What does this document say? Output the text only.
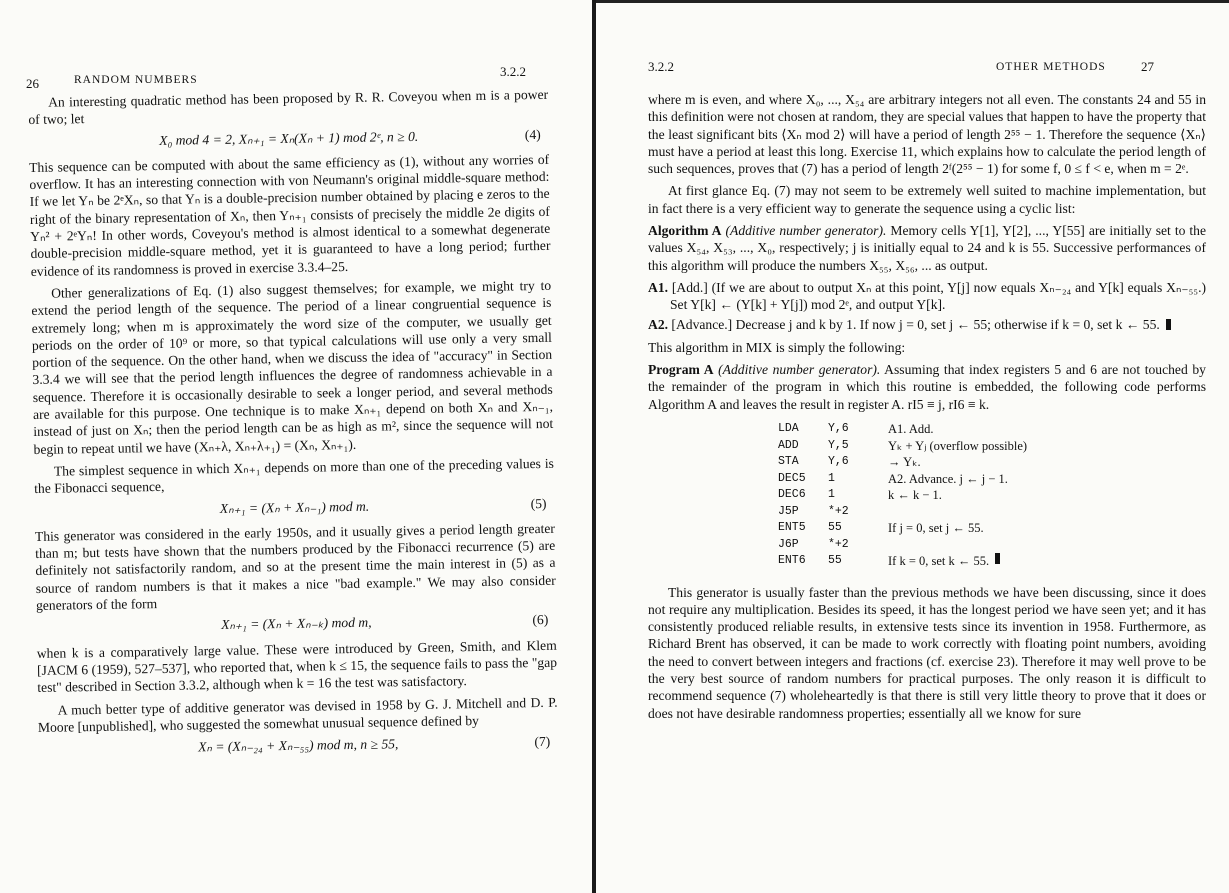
26	RANDOM NUMBERS
3.2.2

An interesting quadratic method has been proposed by R. R. Coveyou when m is a power of two; let

X₀ mod 4 = 2, Xₙ₊₁ = Xₙ(Xₙ + 1) mod 2ᵉ, n ≥ 0.	(4)

This sequence can be computed with about the same efficiency as (1), without any worries of overflow. It has an interesting connection with von Neumann's original middle-square method: If we let Yₙ be 2ᵉXₙ, so that Yₙ is a double-precision number obtained by placing e zeros to the right of the binary representation of Xₙ, then Yₙ₊₁ consists of precisely the middle 2e digits of Yₙ² + 2ᵉYₙ! In other words, Coveyou's method is almost identical to a somewhat degenerate double-precision middle-square method, yet it is guaranteed to have a long period; further evidence of its randomness is proved in exercise 3.3.4–25.

Other generalizations of Eq. (1) also suggest themselves; for example, we might try to extend the period length of the sequence. The period of a linear congruential sequence is extremely long; when m is approximately the word size of the computer, we usually get periods on the order of 10⁹ or more, so that typical calculations will use only a very small portion of the sequence. On the other hand, when we discuss the idea of "accuracy" in Section 3.3.4 we will see that the period length influences the degree of randomness achievable in a sequence. Therefore it is occasionally desirable to seek a longer period, and several methods are available for this purpose. One technique is to make Xₙ₊₁ depend on both Xₙ and Xₙ₋₁, instead of just on Xₙ; then the period length can be as high as m², since the sequence will not begin to repeat until we have (Xₙ₊λ, Xₙ₊λ₊₁) = (Xₙ, Xₙ₊₁).

The simplest sequence in which Xₙ₊₁ depends on more than one of the preceding values is the Fibonacci sequence,

Xₙ₊₁ = (Xₙ + Xₙ₋₁) mod m.	(5)

This generator was considered in the early 1950s, and it usually gives a period length greater than m; but tests have shown that the numbers produced by the Fibonacci recurrence (5) are definitely not satisfactorily random, and so at the present time the main interest in (5) as a source of random numbers is that it makes a nice "bad example." We may also consider generators of the form

Xₙ₊₁ = (Xₙ + Xₙ₋ₖ) mod m,	(6)

when k is a comparatively large value. These were introduced by Green, Smith, and Klem [JACM 6 (1959), 527–537], who reported that, when k ≤ 15, the sequence fails to pass the "gap test" described in Section 3.3.2, although when k = 16 the test was satisfactory.

A much better type of additive generator was devised in 1958 by G. J. Mitchell and D. P. Moore [unpublished], who suggested the somewhat unusual sequence defined by

Xₙ = (Xₙ₋₂₄ + Xₙ₋₅₅) mod m, n ≥ 55,	(7)
3.2.2	OTHER METHODS	27

where m is even, and where X₀, ..., X₅₄ are arbitrary integers not all even. The constants 24 and 55 in this definition were not chosen at random, they are special values that happen to have the property that the least significant bits ⟨Xₙ mod 2⟩ will have a period of length 2⁵⁵ − 1. Therefore the sequence ⟨Xₙ⟩ must have a period at least this long. Exercise 11, which explains how to calculate the period length of such sequences, proves that (7) has a period of length 2ᶠ(2⁵⁵ − 1) for some f, 0 ≤ f < e, when m = 2ᵉ.

At first glance Eq. (7) may not seem to be extremely well suited to machine implementation, but in fact there is a very efficient way to generate the sequence using a cyclic list:

Algorithm A (Additive number generator). Memory cells Y[1], Y[2], ..., Y[55] are initially set to the values X₅₄, X₅₃, ..., X₀, respectively; j is initially equal to 24 and k is 55. Successive performances of this algorithm will produce the numbers X₅₅, X₅₆, ... as output.

A1. [Add.] (If we are about to output Xₙ at this point, Y[j] now equals Xₙ₋₂₄ and Y[k] equals Xₙ₋₅₅.) Set Y[k] ← (Y[k] + Y[j]) mod 2ᵉ, and output Y[k].

A2. [Advance.] Decrease j and k by 1. If now j = 0, set j ← 55; otherwise if k = 0, set k ← 55.

This algorithm in MIX is simply the following:

Program A (Additive number generator). Assuming that index registers 5 and 6 are not touched by the remainder of the program in which this routine is embedded, the following code performs Algorithm A and leaves the result in register A. rI5 ≡ j, rI6 ≡ k.

LDA	Y,6	A1. Add.
ADD	Y,5	Yₖ + Yⱼ (overflow possible)
STA	Y,6	→ Yₖ.
DEC5	1	A2. Advance. j ← j − 1.
DEC6	1	k ← k − 1.
J5P	*+2
ENT5	55	If j = 0, set j ← 55.
J6P	*+2
ENT6	55	If k = 0, set k ← 55.

This generator is usually faster than the previous methods we have been discussing, since it does not require any multiplication. Besides its speed, it has the longest period we have seen yet; and it has consistently produced reliable results, in extensive tests since its invention in 1958. Furthermore, as Richard Brent has observed, it can be made to work correctly with floating point numbers, avoiding the need to convert between integers and fractions (cf. exercise 23). Therefore it may well prove to be the very best source of random numbers for practical purposes. The only reason it is difficult to recommend sequence (7) wholeheartedly is that there is still very little theory to prove that it does or does not have desirable randomness properties; essentially all we know for sure
